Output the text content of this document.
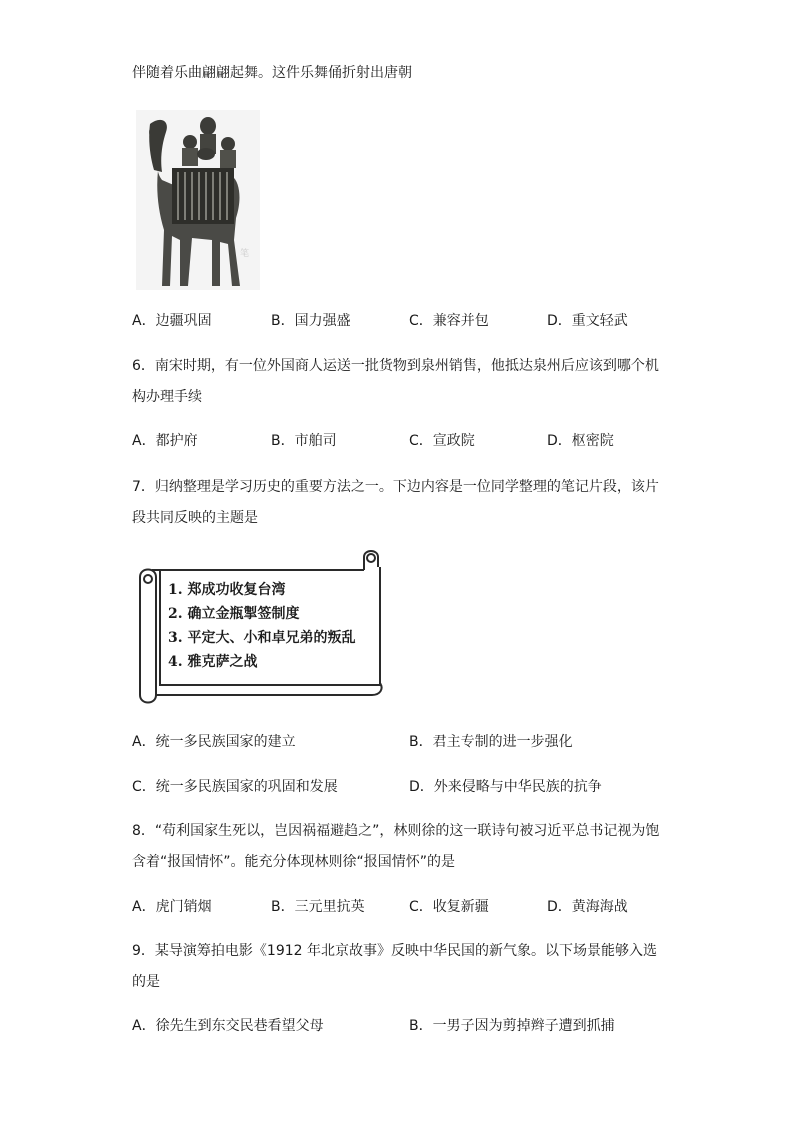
伴随着乐曲翩翩起舞。这件乐舞俑折射出唐朝
笔
A．边疆巩固	B．国力强盛	C．兼容并包	D．重文轻武
6．南宋时期，有一位外国商人运送一批货物到泉州销售，他抵达泉州后应该到哪个机
构办理手续
A．都护府	B．市舶司	C．宣政院	D．枢密院
7．归纳整理是学习历史的重要方法之一。下边内容是一位同学整理的笔记片段，该片
段共同反映的主题是
1. 郑成功收复台湾
2. 确立金瓶掣签制度
3. 平定大、小和卓兄弟的叛乱
4. 雅克萨之战
A．统一多民族国家的建立	B．君主专制的进一步强化
C．统一多民族国家的巩固和发展	D．外来侵略与中华民族的抗争
8．“苟利国家生死以，岂因祸福避趋之”，林则徐的这一联诗句被习近平总书记视为饱
含着“报国情怀”。能充分体现林则徐“报国情怀”的是
A．虎门销烟	B．三元里抗英	C．收复新疆	D．黄海海战
9．某导演筹拍电影《1912 年北京故事》反映中华民国的新气象。以下场景能够入选
的是
A．徐先生到东交民巷看望父母	B．一男子因为剪掉辫子遭到抓捕
